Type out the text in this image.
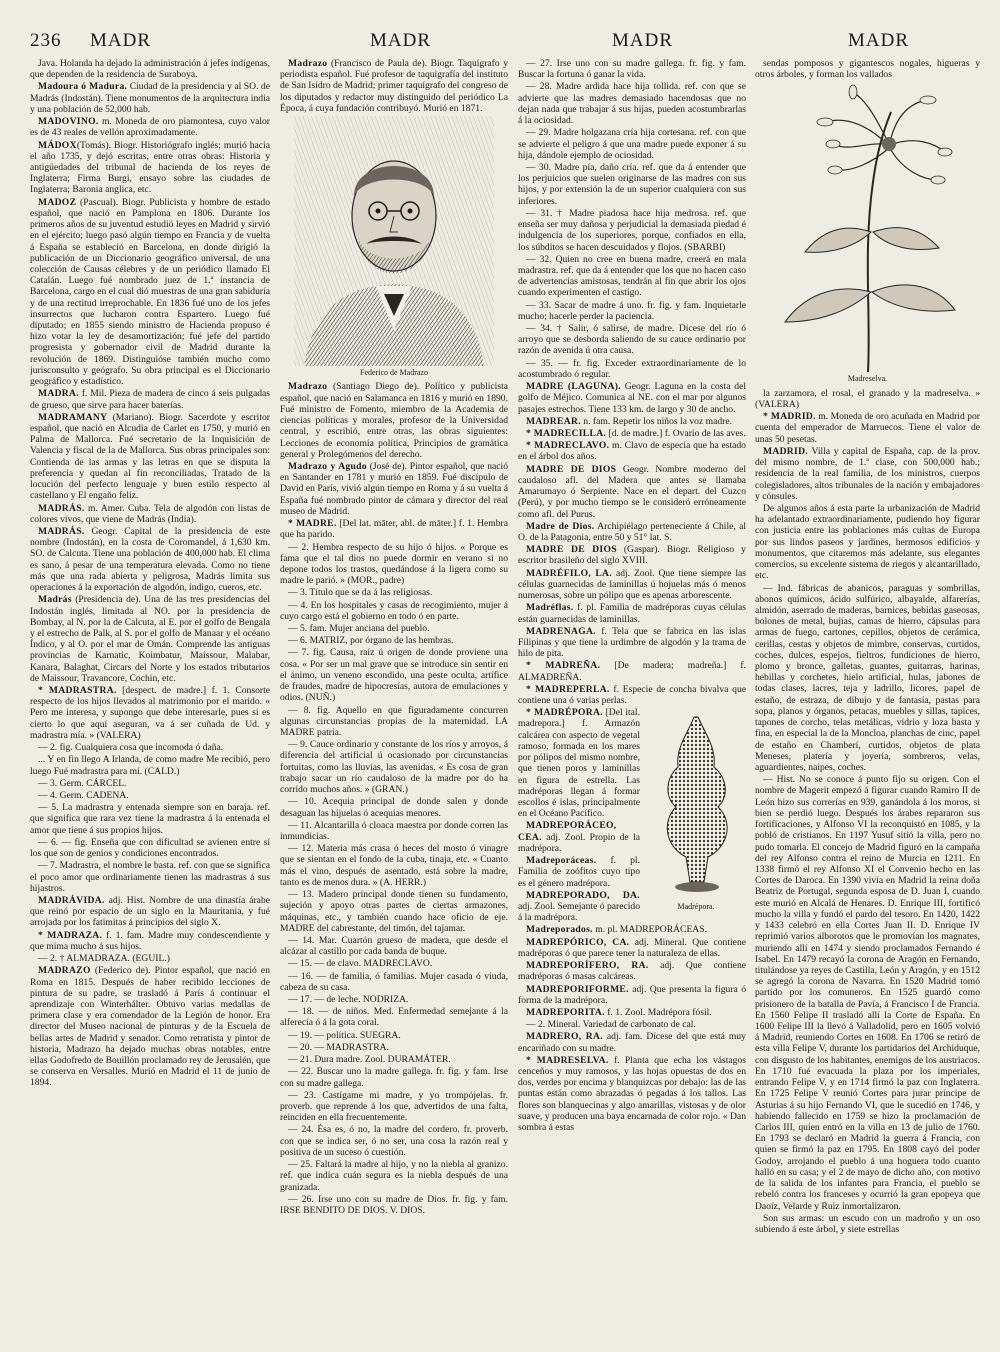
236 MADR	MADR	MADR	MADR

Java. Holanda ha dejado la administración á jefes indígenas, que dependen de la residencia de Suraboya.

Madoura ó Madura. Ciudad de la presidencia y al SO. de Madrás (Indostán). Tiene monumentos de la arquitectura india y una población de 52,000 hab.

MADOVINO. m. Moneda de oro piamontesa, cuyo valor es de 43 reales de vellón aproximadamente.

MÁDOX(Tomás). Biogr. Historiógrafo inglés; murió hacia el año 1735, y dejó escritas, entre otras obras: Historia y antigüedades del tribunal de hacienda de los reyes de Inglaterra; Firma Burgi, ensayo sobre las ciudades de Inglaterra; Baronia anglica, etc.

MADOZ (Pascual). Biogr. Publicista y hombre de estado español, que nació en Pamplona en 1806. Durante los primeros años de su juventud estudió leyes en Madrid y sirvió en el ejército; luego pasó algún tiempo en Francia y de vuelta á España se estableció en Barcelona, en donde dirigió la publicación de un Diccionario geográfico universal, de una colección de Causas célebres y de un periódico llamado El Catalán. Luego fué nombrado juez de 1.ª instancia de Barcelona, cargo en el cual dió muestras de una gran sabiduría y de una rectitud irreprochable. En 1836 fué uno de los jefes insurrectos que lucharon contra Espartero. Luego fué diputado; en 1855 siendo ministro de Hacienda propuso é hizo votar la ley de desamortización; fué jefe del partido progresista y gobernador civil de Madrid durante la revolución de 1869. Distinguióse también mucho como jurisconsulto y geógrafo. Su obra principal es el Diccionario geográfico y estadístico.

MADRA. f. Mil. Pieza de madera de cinco á seis pulgadas de grueso, que sirve para hacer baterías.

MADRAMANY (Mariano). Biogr. Sacerdote y escritor español, que nació en Alcudia de Carlet en 1750, y murió en Palma de Mallorca. Fué secretario de la Inquisición de Valencia y fiscal de la de Mallorca. Sus obras principales son: Contienda de las armas y las letras en que se disputa la preferencia y quedan al fin reconciliadas, Tratado de la locución del perfecto lenguaje y buen estilo respecto al castellano y El engaño feliz.

MADRÁS. m. Amer. Cuba. Tela de algodón con listas de colores vivos, que viene de Madrás (India).

MADRÁS. Geogr. Capital de la presidencia de este nombre (Indostán), en la costa de Coromandel, á 1,630 km. SO. de Calcuta. Tiene una población de 400,000 hab. El clima es sano, á pesar de una temperatura elevada. Como no tiene más que una rada abierta y peligrosa, Madrás limita sus operaciones á la exportación de algodón, índigo, cueros, etc.

Madrás (Presidencia de). Una de las tres presidencias del Indostán inglés, limitada al NO. por la presidencia de Bombay, al N. por la de Calcuta, al E. por el golfo de Bengala y el estrecho de Palk, al S. por el golfo de Manaar y el océano Índico, y al O. por el mar de Omán. Comprende las antiguas provincias de Karnatic, Koimbatur, Maissour, Malabar, Kanara, Balaghat, Circars del Norte y los estados tributarios de Maissour, Travancore, Cochin, etc.

* MADRASTRA. [despect. de madre.] f. 1. Consorte respecto de los hijos llevados al matrimonio por el marido. « Pero me interesa, y supongo que debe interesarle, pues si es cierto lo que aquí aseguran, va á ser cuñada de Ud. y madrastra mía. » (VALERA)

— 2. fig. Cualquiera cosa que incomoda ó daña.

... Y en fin llego A Irlanda, de como madre Me recibió, pero luego Fué madrastra para mí. (CALD.)

— 3. Germ. CÁRCEL.

— 4. Germ. CADENA.

— 5. La madrastra y entenada siempre son en baraja. ref. que significa que rara vez tiene la madrastra á la entenada el amor que tiene á sus propios hijos.

— 6. — fig. Enseña que con dificultad se avienen entre sí los que son de genios y condiciones encontrados.

— 7. Madrastra, el nombre le basta. ref. con que se significa el poco amor que ordinariamente tienen las madrastras á sus hijastros.

MADRÁVIDA. adj. Hist. Nombre de una dinastía árabe que reinó por espacio de un siglo en la Mauritania, y fué arrojada por los fatimitas á principios del siglo X.

* MADRAZA. f. 1. fam. Madre muy condescendiente y que mima mucho á sus hijos.

— 2. † ALMADRAZA. (EGUIL.)

MADRAZO (Federico de). Pintor español, que nació en Roma en 1815. Después de haber recibido lecciones de pintura de su padre, se trasladó á París á continuar el aprendizaje con Winterhálter. Obtuvo varias medallas de primera clase y era comendador de la Legión de honor. Era director del Museo nacional de pinturas y de la Escuela de bellas artes de Madrid y senador. Como retratista y pintor de historia, Madrazo ha dejado muchas obras notables, entre ellas Godofredo de Bouillón proclamado rey de Jerusalén, que se conserva en Versalles. Murió en Madrid el 11 de junio de 1894.

Madrazo (Francisco de Paula de). Biogr. Taquígrafo y periodista español. Fué profesor de taquigrafía del instituto de San Isidro de Madrid; primer taquígrafo del congreso de los diputados y redactor muy distinguido del periódico La Época, á cuya fundación contribuyó. Murió en 1871.

Federico de Madrazo

Madrazo (Santiago Diego de). Político y publicista español, que nació en Salamanca en 1816 y murió en 1890. Fué ministro de Fomento, miembro de la Academia de ciencias políticas y morales, profesor de la Universidad central, y escribió, entre otras, las obras siguientes: Lecciones de economía política, Principios de gramática general y Prolegómenos del derecho.

Madrazo y Agudo (José de). Pintor español, que nació en Santander en 1781 y murió en 1859. Fué discípulo de David en París, vivió algún tiempo en Roma y á su vuelta á España fué nombrado pintor de cámara y director del real museo de Madrid.

* MADRE. [Del lat. māter, abl. de māter.] f. 1. Hembra que ha parido.

— 2. Hembra respecto de su hijo ó hijos. « Porque es fama que el tal dios no puede dormir en verano si no depone todos los trastos, quedándose á la ligera como su madre le parió. » (MOR., padre)

— 3. Título que se da á las religiosas.

— 4. En los hospitales y casas de recogimiento, mujer á cuyo cargo está el gobierno en todo ó en parte.

— 5. fam. Mujer anciana del pueblo.

— 6. MATRIZ, por órgano de las hembras.

— 7. fig. Causa, raíz ú origen de donde proviene una cosa. « Por ser un mal grave que se introduce sin sentir en el ánimo, un veneno escondido, una peste oculta, artífice de fraudes, madre de hipocresías, autora de emulaciones y odios. (NUÑ.)

— 8. fig. Aquello en que figuradamente concurren algunas circunstancias propias de la maternidad. LA MADRE patria.

— 9. Cauce ordinario y constante de los ríos y arroyos, á diferencia del artificial ú ocasionado por circunstancias fortuitas, como las lluvias, las avenidas. « Es cosa de gran trabajo sacar un río caudaloso de la madre por do ha corrido muchos años. » (GRAN.)

— 10. Acequia principal de donde salen y donde desaguan las hijuelas ó acequias menores.

— 11. Alcantarilla ó cloaca maestra por donde corren las inmundicias.

— 12. Materia más crasa ó heces del mosto ó vinagre que se sientan en el fondo de la cuba, tinaja, etc. « Cuanto más el vino, después de asentado, está sobre la madre, tanto es de menos dura. » (A. HERR.)

— 13. Madero principal donde tienen su fundamento, sujeción y apoyo otras partes de ciertas armazones, máquinas, etc., y también cuando hace oficio de eje. MADRE del cabrestante, del timón, del tajamar.

— 14. Mar. Cuartón grueso de madera, que desde el alcázar al castillo por cada banda de buque.

— 15. — de clavo. MADRECLAVO.

— 16. — de familia, ó familias. Mujer casada ó viuda, cabeza de su casa.

— 17. — de leche. NODRIZA.

— 18. — de niños. Med. Enfermedad semejante á la alferecía ó á la gota coral.

— 19. — política. SUEGRA.

— 20. — MADRASTRA.

— 21. Dura madre. Zool. DURAMÁTER.

— 22. Buscar uno la madre gallega. fr. fig. y fam. Irse con su madre gallega.

— 23. Castígame mi madre, y yo trompójelas. fr. proverb. que reprende á los que, advertidos de una falta, reinciden en ella frecuentemente.

— 24. Ésa es, ó no, la madre del cordero. fr. proverb. con que se indica ser, ó no ser, una cosa la razón real y positiva de un suceso ó cuestión.

— 25. Faltará la madre al hijo, y no la niebla al granizo. ref. que indica cuán segura es la niebla después de una granizada.

— 26. Irse uno con su madre de Dios. fr. fig. y fam. IRSE BENDITO DE DIOS. V. DIOS.

— 27. Irse uno con su madre gallega. fr. fig. y fam. Buscar la fortuna ó ganar la vida.

— 28. Madre ardida hace hija tollida. ref. con que se advierte que las madres demasiado hacendosas que no dejan nada que trabajar á sus hijas, pueden acostumbrarlas á la ociosidad.

— 29. Madre holgazana cría hija cortesana. ref. con que se advierte el peligro á que una madre puede exponer á su hija, dándole ejemplo de ociosidad.

— 30. Madre pía, daño cría. ref. que da á entender que los perjuicios que suelen originarse de las madres con sus hijos, y por extensión la de un superior cualquiera con sus inferiores.

— 31. † Madre piadosa hace hija medrosa. ref. que enseña ser muy dañosa y perjudicial la demasiada piedad é indulgencia de los superiores, porque, confiados en ella, los súbditos se hacen descuidados y flojos. (SBARBI)

— 32. Quien no cree en buena madre, creerá en mala madrastra. ref. que da á entender que los que no hacen caso de advertencias amistosas, tendrán al fin que abrir los ojos cuando experimenten el castigo.

— 33. Sacar de madre á uno. fr. fig. y fam. Inquietarle mucho; hacerle perder la paciencia.

— 34. † Salir, ó salirse, de madre. Dícese del río ó arroyo que se desborda saliendo de su cauce ordinario por razón de avenida ú otra causa.

— 35. — fr. fig. Exceder extraordinariamente de lo acostumbrado ó regular.

MADRE (LAGUNA). Geogr. Laguna en la costa del golfo de Méjico. Comunica al NE. con el mar por algunos pasajes estrechos. Tiene 133 km. de largo y 30 de ancho.

MADREAR. n. fam. Repetir los niños la voz madre.

* MADRECILLA. [d. de madre.] f. Ovario de las aves.

* MADRECLAVO. m. Clavo de especia que ha estado en el árbol dos años.

MADRE DE DIOS Geogr. Nombre moderno del caudaloso afl. del Madera que antes se llamaba Amarumayo ó Serpiente. Nace en el depart. del Cuzco (Perú), y por mucho tiempo se le consideró erróneamente como afl. del Purus.

Madre de Dios. Archipiélago perteneciente á Chile, al O. de la Patagonia, entre 50 y 51° lat. S.

MADRE DE DIOS (Gaspar). Biogr. Religioso y escritor brasileño del siglo XVIII.

MADRÉFILO, LA. adj. Zool. Que tiene siempre las células guarnecidas de laminillas ú hojuelas más ó menos numerosas, sobre un pólipo que es apenas arborescente.

Madréflas. f. pl. Familia de madréporas cuyas células están guarnecidas de laminillas.

MADRENAGA. f. Tela que se fabrica en las islas Filipinas y que tiene la urdimbre de algodón y la trama de hilo de pita.

* MADREÑA. [De madera; madreña.] f. ALMADREÑA.

* MADREPERLA. f. Especie de concha bivalva que contiene una ó varias perlas.

Madrépora.

* MADRÉPORA. [Del ital. madrepora.] f. Armazón calcárea con aspecto de vegetal ramoso, formada en los mares por pólipos del mismo nombre, que tienen poros y laminillas en figura de estrella. Las madréporas llegan á formar escollos é islas, principalmente en el Océano Pacífico.

MADREPORÁCEO, CEA. adj. Zool. Propio de la madrépora.

Madreporáceas. f. pl. Familia de zoófitos cuyo tipo es el género madrépora.

MADREPORADO, DA. adj. Zool. Semejante ó parecido á la madrépora.

Madreporados. m. pl. MADREPORÁCEAS.

MADREPÓRICO, CA. adj. Mineral. Que contiene madréporas ó que parece tener la naturaleza de ellas.

MADREPORÍFERO, RA. adj. Que contiene madréporas ó masas calcáreas.

MADREPORIFORME. adj. Que presenta la figura ó forma de la madrépora.

MADREPORITA. f. 1. Zool. Madrépora fósil.

— 2. Mineral. Variedad de carbonato de cal.

MADRERO, RA. adj. fam. Dícese del que está muy encariñado con su madre.

* MADRESELVA. f. Planta que echa los vástagos cenceños y muy ramosos, y las hojas opuestas de dos en dos, verdes por encima y blanquizcas por debajo: las de las puntas están como abrazadas ó pegadas á los tallos. Las flores son blanquecinas y algo amarillas, vistosas y de olor suave, y producen una baya encarnada de color rojo. « Dan sombra á estas

sendas pomposos y gigantescos nogales, higueras y otros árboles, y forman los vallados

Madreselva.

la zarzamora, el rosal, el granado y la madreselva. » (VALERA)

* MADRID. m. Moneda de oro acuñada en Madrid por cuenta del emperador de Marruecos. Tiene el valor de unas 50 pesetas.

MADRID. Villa y capital de España, cap. de la prov. del mismo nombre, de 1.ª clase, con 500,000 hab.; residencia de la real familia, de los ministros, cuerpos colegisladores, altos tribunales de la nación y embajadores y cónsules.

De algunos años á esta parte la urbanización de Madrid ha adelantado extraordinariamente, pudiendo hoy figurar con justicia entre las poblaciones más cultas de Europa por sus lindos paseos y jardines, hermosos edificios y monumentos, que citaremos más adelante, sus elegantes comercios, su excelente sistema de riegos y alcantarillado, etc.

— Ind. fábricas de abanicos, paraguas y sombrillas, abonos químicos, ácido sulfúrico, albayalde, alfarerías, almidón, aserrado de maderas, barnices, bebidas gaseosas, bolones de metal, bujías, camas de hierro, cápsulas para armas de fuego, cartones, cepillos, objetos de cerámica, cerillas, cestas y objetos de mimbre, conservas, curtidos, coches, dulces, espejos, fieltros, fundiciones de hierro, plomo y bronce, galletas, guantes, guitarras, harinas, hebillas y corchetes, hielo artificial, hulas, jabones de todas clases, lacres, teja y ladrillo, licores, papel de estaño, de estraza, de dibujo y de fantasía, pastas para sopa, planos y órganos, petacas, muebles y sillas, tapices, tapones de corcho, telas metálicas, vidrio y loza basta y fina, en especial la de la Moncloa, planchas de cinc, papel de estaño en Chamberí, curtidos, objetos de plata Meneses, platería y joyería, sombreros, velas, aguardientes, naipes, coches.

— Hist. No se conoce á punto fijo su origen. Con el nombre de Magerit empezó á figurar cuando Ramiro II de León hizo sus correrías en 939, ganándola á los moros, si bien se perdió luego. Después los árabes repararon sus fortificaciones, y Alfonso VI la reconquistó en 1085, y la pobló de cristianos. En 1197 Yusuf sitió la villa, pero no pudo tomarla. El concejo de Madrid figuró en la campaña del rey Alfonso contra el reino de Murcia en 1211. En 1338 firmó el rey Alfonso XI el Convenio hecho en las Cortes de Daroca. En 1390 vivía en Madrid la reina doña Beatriz de Portugal, segunda esposa de D. Juan I, cuando este murió en Alcalá de Henares. D. Enrique III, fortificó mucho la villa y fundó el pardo del tesoro. En 1420, 1422 y 1433 celebró en ella Cortes Juan II. D. Enrique IV reprimió varios alborotos que le promovían los magnates, muriendo allí en 1474 y siendo proclamados Fernando é Isabel. En 1479 recayó la corona de Aragón en Fernando, titulándose ya reyes de Castilla, León y Aragón, y en 1512 se agregó la corona de Navarra. En 1520 Madrid tomó partido por los comuneros. En 1525 guardó como prisionero de la batalla de Pavía, á Francisco I de Francia. En 1560 Felipe II trasladó allí la Corte de España. En 1600 Felipe III la llevó á Valladolid, pero en 1605 volvió á Madrid, reuniendo Cortes en 1608. En 1706 se retiró de esta villa Felipe V, durante los partidarios del Archiduque, con disgusto de los habitantes, enemigos de los austriacos. En 1710 fué evacuada la plaza por los imperiales, entrando Felipe V, y en 1714 firmó la paz con Inglaterra. En 1725 Felipe V reunió Cortes para jurar príncipe de Asturias á su hijo Fernando VI, que le sucedió en 1746, y habiendo fallecido en 1759 se hizo la proclamación de Carlos III, quien entró en la villa en 13 de julio de 1760. En 1793 se declaró en Madrid la guerra á Francia, con quien se firmó la paz en 1795. En 1808 cayó del poder Godoy, arrojando el pueblo á una hoguera todo cuanto halló en su casa; y el 2 de mayo de dicho año, con motivo de la salida de los infantes para Francia, el pueblo se rebeló contra los franceses y ocurrió la gran epopeya que Daoíz, Velarde y Ruiz inmortalizaron.

Son sus armas: un escudo con un madroño y un oso subiendo á este árbol, y siete estrellas
